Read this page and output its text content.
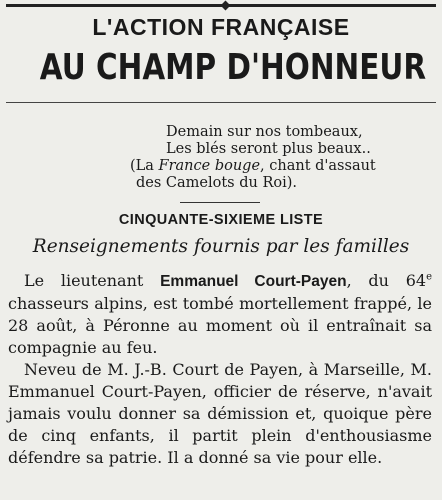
L'ACTION FRANÇAISE
AU CHAMP D'HONNEUR
Demain sur nos tombeaux,
Les blés seront plus beaux..
(La France bouge, chant d'assaut
des Camelots du Roi).
CINQUANTE-SIXIEME LISTE
Renseignements fournis par les familles

Le lieutenant Emmanuel Court-Payen, du 64e chasseurs alpins, est tombé mortellement frappé, le 28 août, à Péronne au moment où il entraînait sa compagnie au feu.

Neveu de M. J.-B. Court de Payen, à Marseille, M. Emmanuel Court-Payen, officier de réserve, n'avait jamais voulu donner sa démission et, quoique père de cinq enfants, il partit plein d'enthousiasme défendre sa patrie. Il a donné sa vie pour elle.
